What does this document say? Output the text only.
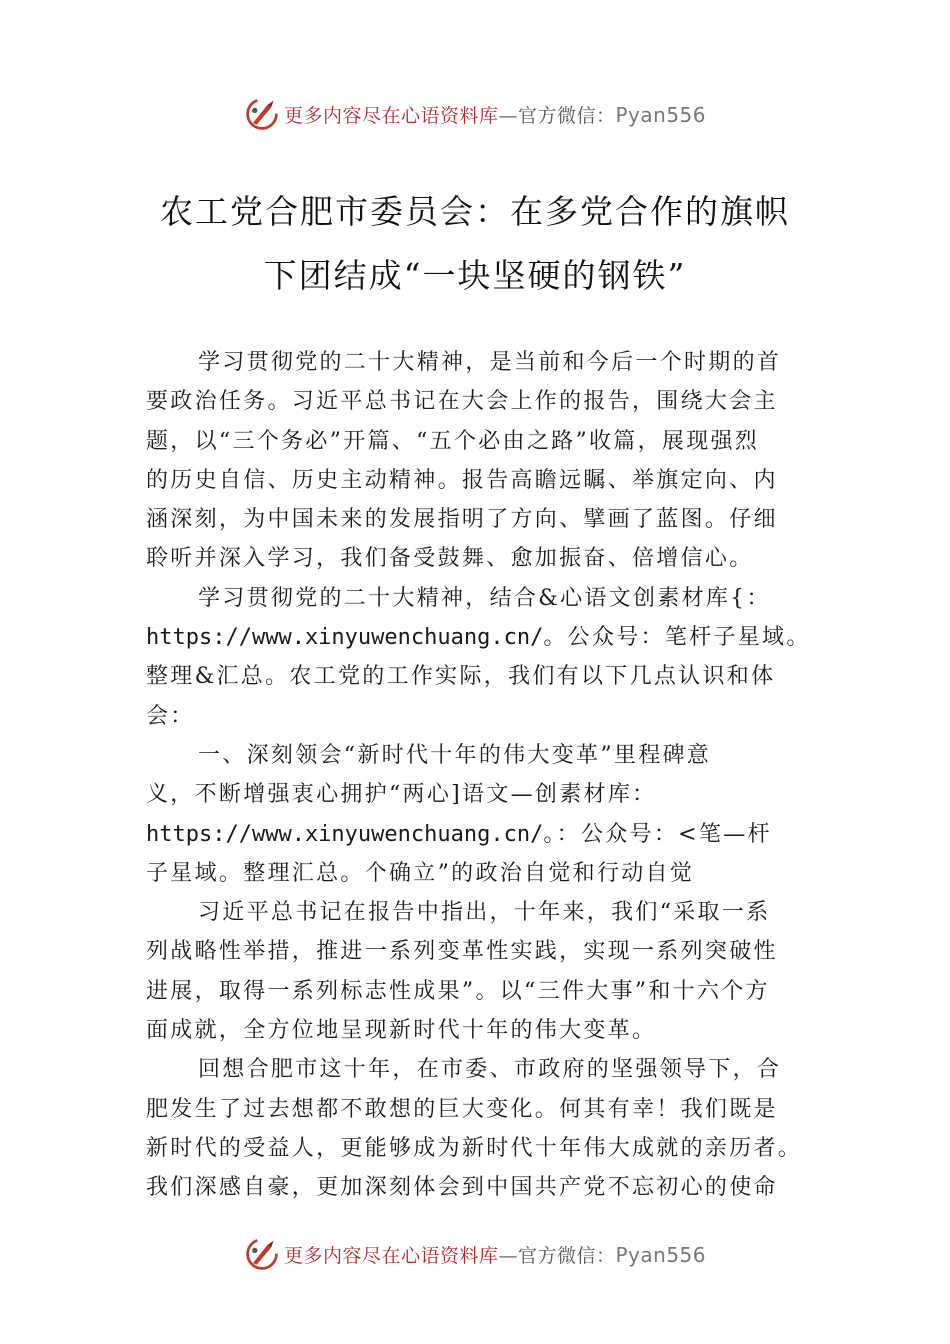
更多内容尽在心语资料库—官方微信：Pyan556
农工党合肥市委员会：在多党合作的旗帜
下团结成“一块坚硬的钢铁”
学习贯彻党的二十大精神，是当前和今后一个时期的首
要政治任务。习近平总书记在大会上作的报告，围绕大会主
题，以“三个务必”开篇、“五个必由之路”收篇，展现强烈
的历史自信、历史主动精神。报告高瞻远瞩、举旗定向、内
涵深刻，为中国未来的发展指明了方向、擘画了蓝图。仔细
聆听并深入学习，我们备受鼓舞、愈加振奋、倍增信心。
学习贯彻党的二十大精神，结合&心语文创素材库{：
https://www.xinyuwenchuang.cn/。公众号：笔杆子星域。
整理&汇总。农工党的工作实际，我们有以下几点认识和体
会：
一、深刻领会“新时代十年的伟大变革”里程碑意
义，不断增强衷心拥护“两心]语文—创素材库：
https://www.xinyuwenchuang.cn/。：公众号：<笔—杆
子星域。整理汇总。个确立”的政治自觉和行动自觉
习近平总书记在报告中指出，十年来，我们“采取一系
列战略性举措，推进一系列变革性实践，实现一系列突破性
进展，取得一系列标志性成果”。以“三件大事”和十六个方
面成就，全方位地呈现新时代十年的伟大变革。
回想合肥市这十年，在市委、市政府的坚强领导下，合
肥发生了过去想都不敢想的巨大变化。何其有幸！我们既是
新时代的受益人，更能够成为新时代十年伟大成就的亲历者。
我们深感自豪，更加深刻体会到中国共产党不忘初心的使命
更多内容尽在心语资料库—官方微信：Pyan556
